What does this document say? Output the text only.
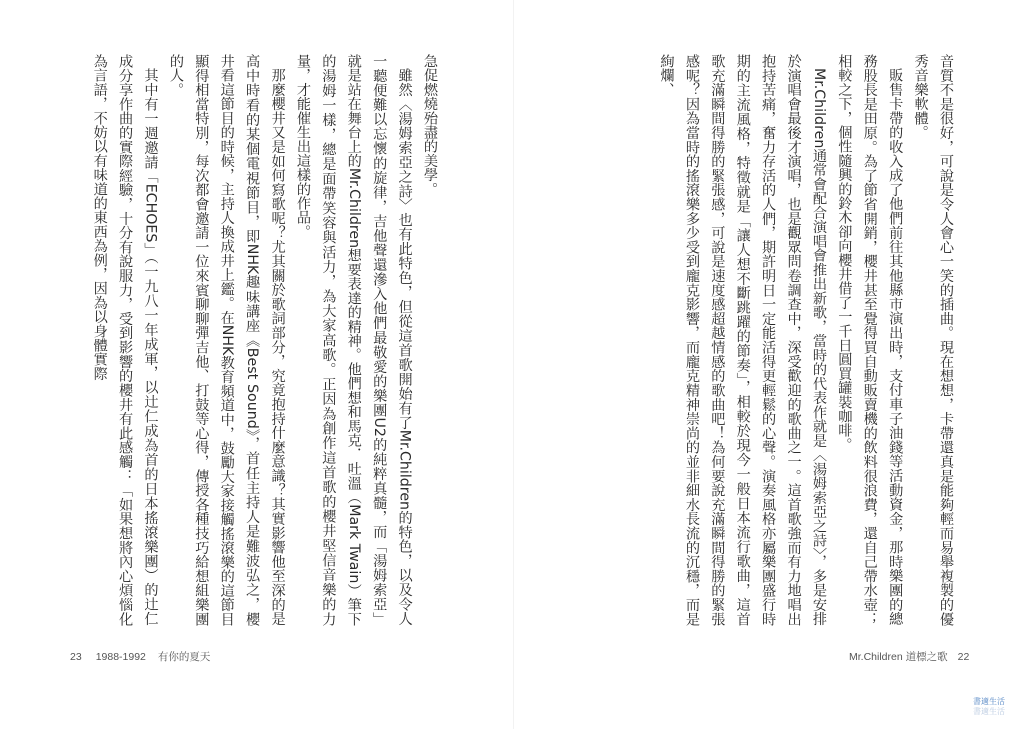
急促燃燒殆盡的美學。

雖然〈湯姆索亞之詩〉也有此特色，但從這首歌開始有了Mr.Children的特色，以及令人一聽便難以忘懷的旋律，吉他聲還滲入他們最敬愛的樂團U2的純粹真髓，而「湯姆索亞」就是站在舞台上的Mr.Children想要表達的精神。他們想和馬克．吐溫（Mark Twain）筆下的湯姆一樣，總是面帶笑容與活力，為大家高歌。正因為創作這首歌的櫻井堅信音樂的力量，才能催生出這樣的作品。

那麼櫻井又是如何寫歌呢？尤其關於歌詞部分，究竟抱持什麼意識？其實影響他至深的是高中時看的某個電視節目，即NHK趣味講座《Best Sound》，首任主持人是難波弘之，櫻井看這節目的時候，主持人換成井上鑑。在NHK教育頻道中，鼓勵大家接觸搖滾樂的這節目顯得相當特別，每次都會邀請一位來賓聊聊彈吉他、打鼓等心得，傳授各種技巧給想組樂團的人。

其中有一週邀請「ECHOES」（一九八一年成軍，以辻仁成為首的日本搖滾樂團）的辻仁成分享作曲的實際經驗，十分有說服力，受到影響的櫻井有此感觸：「如果想將內心煩惱化為言語，不妨以有味道的東西為例，因為以身體實際

23 1988-1992 有你的夏天

音質不是很好，可說是令人會心一笑的插曲。現在想想，卡帶還真是能夠輕而易舉複製的優秀音樂軟體。

販售卡帶的收入成了他們前往其他縣市演出時，支付車子油錢等活動資金，那時樂團的總務股長是田原。為了節省開銷，櫻井甚至覺得買自動販賣機的飲料很浪費，還自己帶水壺；相較之下，個性隨興的鈴木卻向櫻井借了一千日圓買罐裝咖啡。

Mr.Children通常會配合演唱會推出新歌，當時的代表作就是〈湯姆索亞之詩〉，多是安排於演唱會最後才演唱，也是觀眾問卷調查中，深受歡迎的歌曲之一。這首歌強而有力地唱出抱持苦痛，奮力存活的人們，期許明日一定能活得更輕鬆的心聲。演奏風格亦屬樂團盛行時期的主流風格，特徵就是「讓人想不斷跳躍的節奏」，相較於現今一般日本流行歌曲，這首歌充滿瞬間得勝的緊張感，可說是速度感超越情感的歌曲吧！為何要說充滿瞬間得勝的緊張感呢？因為當時的搖滾樂多少受到龐克影響，而龐克精神崇尚的並非細水長流的沉穩，而是絢爛、

Mr.Children 道標之歌 22
書適生活
書適生活
